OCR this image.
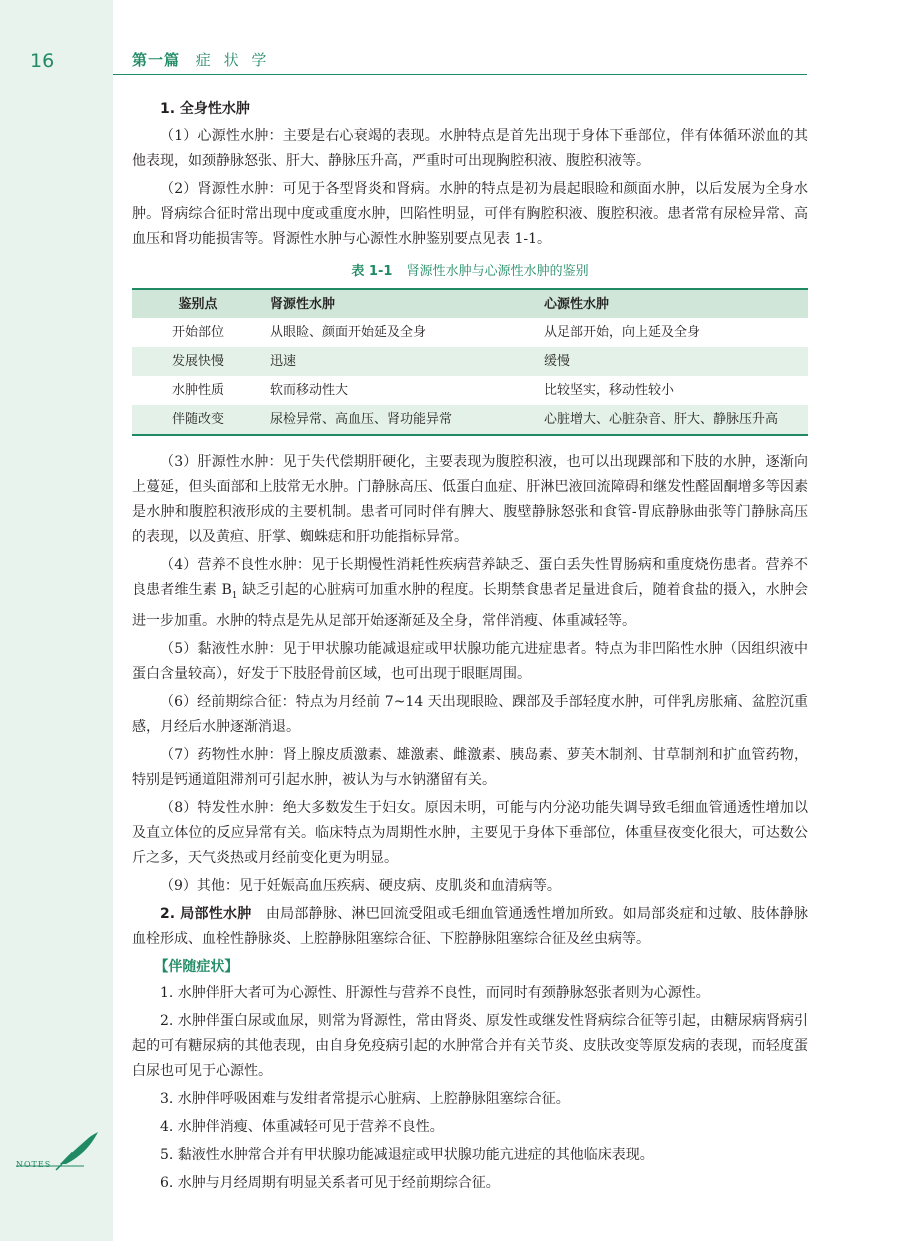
16	第一篇 症 状 学
NOTES
1. 全身性水肿

（1）心源性水肿：主要是右心衰竭的表现。水肿特点是首先出现于身体下垂部位，伴有体循环淤血的其他表现，如颈静脉怒张、肝大、静脉压升高，严重时可出现胸腔积液、腹腔积液等。

（2）肾源性水肿：可见于各型肾炎和肾病。水肿的特点是初为晨起眼睑和颜面水肿，以后发展为全身水肿。肾病综合征时常出现中度或重度水肿，凹陷性明显，可伴有胸腔积液、腹腔积液。患者常有尿检异常、高血压和肾功能损害等。肾源性水肿与心源性水肿鉴别要点见表 1-1。

表 1-1 肾源性水肿与心源性水肿的鉴别
鉴别点	肾源性水肿	心源性水肿
开始部位	从眼睑、颜面开始延及全身	从足部开始，向上延及全身
发展快慢	迅速	缓慢
水肿性质	软而移动性大	比较坚实，移动性较小
伴随改变	尿检异常、高血压、肾功能异常	心脏增大、心脏杂音、肝大、静脉压升高

（3）肝源性水肿：见于失代偿期肝硬化，主要表现为腹腔积液，也可以出现踝部和下肢的水肿，逐渐向上蔓延，但头面部和上肢常无水肿。门静脉高压、低蛋白血症、肝淋巴液回流障碍和继发性醛固酮增多等因素是水肿和腹腔积液形成的主要机制。患者可同时伴有脾大、腹壁静脉怒张和食管-胃底静脉曲张等门静脉高压的表现，以及黄疸、肝掌、蜘蛛痣和肝功能指标异常。

（4）营养不良性水肿：见于长期慢性消耗性疾病营养缺乏、蛋白丢失性胃肠病和重度烧伤患者。营养不良患者维生素 $B_1$ 缺乏引起的心脏病可加重水肿的程度。长期禁食患者足量进食后，随着食盐的摄入，水肿会进一步加重。水肿的特点是先从足部开始逐渐延及全身，常伴消瘦、体重减轻等。

（5）黏液性水肿：见于甲状腺功能减退症或甲状腺功能亢进症患者。特点为非凹陷性水肿（因组织液中蛋白含量较高），好发于下肢胫骨前区域，也可出现于眼眶周围。

（6）经前期综合征：特点为月经前 7~14 天出现眼睑、踝部及手部轻度水肿，可伴乳房胀痛、盆腔沉重感，月经后水肿逐渐消退。

（7）药物性水肿：肾上腺皮质激素、雄激素、雌激素、胰岛素、萝芙木制剂、甘草制剂和扩血管药物，特别是钙通道阻滞剂可引起水肿，被认为与水钠潴留有关。

（8）特发性水肿：绝大多数发生于妇女。原因未明，可能与内分泌功能失调导致毛细血管通透性增加以及直立体位的反应异常有关。临床特点为周期性水肿，主要见于身体下垂部位，体重昼夜变化很大，可达数公斤之多，天气炎热或月经前变化更为明显。

（9）其他：见于妊娠高血压疾病、硬皮病、皮肌炎和血清病等。

2. 局部性水肿　由局部静脉、淋巴回流受阻或毛细血管通透性增加所致。如局部炎症和过敏、肢体静脉血栓形成、血栓性静脉炎、上腔静脉阻塞综合征、下腔静脉阻塞综合征及丝虫病等。

【伴随症状】

1. 水肿伴肝大者可为心源性、肝源性与营养不良性，而同时有颈静脉怒张者则为心源性。

2. 水肿伴蛋白尿或血尿，则常为肾源性，常由肾炎、原发性或继发性肾病综合征等引起，由糖尿病肾病引起的可有糖尿病的其他表现，由自身免疫病引起的水肿常合并有关节炎、皮肤改变等原发病的表现，而轻度蛋白尿也可见于心源性。

3. 水肿伴呼吸困难与发绀者常提示心脏病、上腔静脉阻塞综合征。

4. 水肿伴消瘦、体重减轻可见于营养不良性。

5. 黏液性水肿常合并有甲状腺功能减退症或甲状腺功能亢进症的其他临床表现。

6. 水肿与月经周期有明显关系者可见于经前期综合征。
